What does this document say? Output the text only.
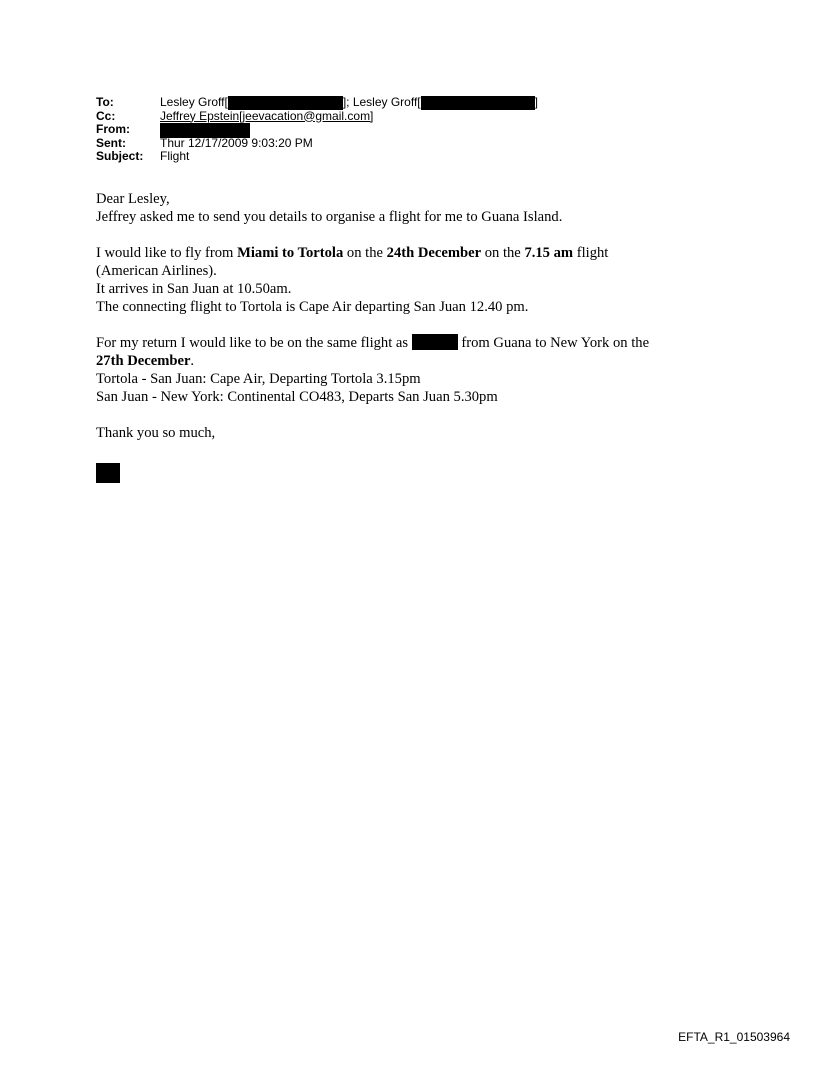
To:	Lesley Groff[	]; Lesley Groff[	]
Cc:	Jeffrey Epstein[jeevacation@gmail.com]
From:
Sent:	Thur 12/17/2009 9:03:20 PM
Subject: Flight

Dear Lesley,

Jeffrey asked me to send you details to organise a flight for me to Guana Island.

I would like to fly from Miami to Tortola on the 24th December on the 7.15 am flight

(American Airlines).

It arrives in San Juan at 10.50am.

The connecting flight to Tortola is Cape Air departing San Juan 12.40 pm.

For my return I would like to be on the same flight as	from Guana to New York on the

27th December.

Tortola - San Juan: Cape Air, Departing Tortola 3.15pm

San Juan - New York: Continental CO483, Departs San Juan 5.30pm

Thank you so much,

EFTA_R1_01503964
